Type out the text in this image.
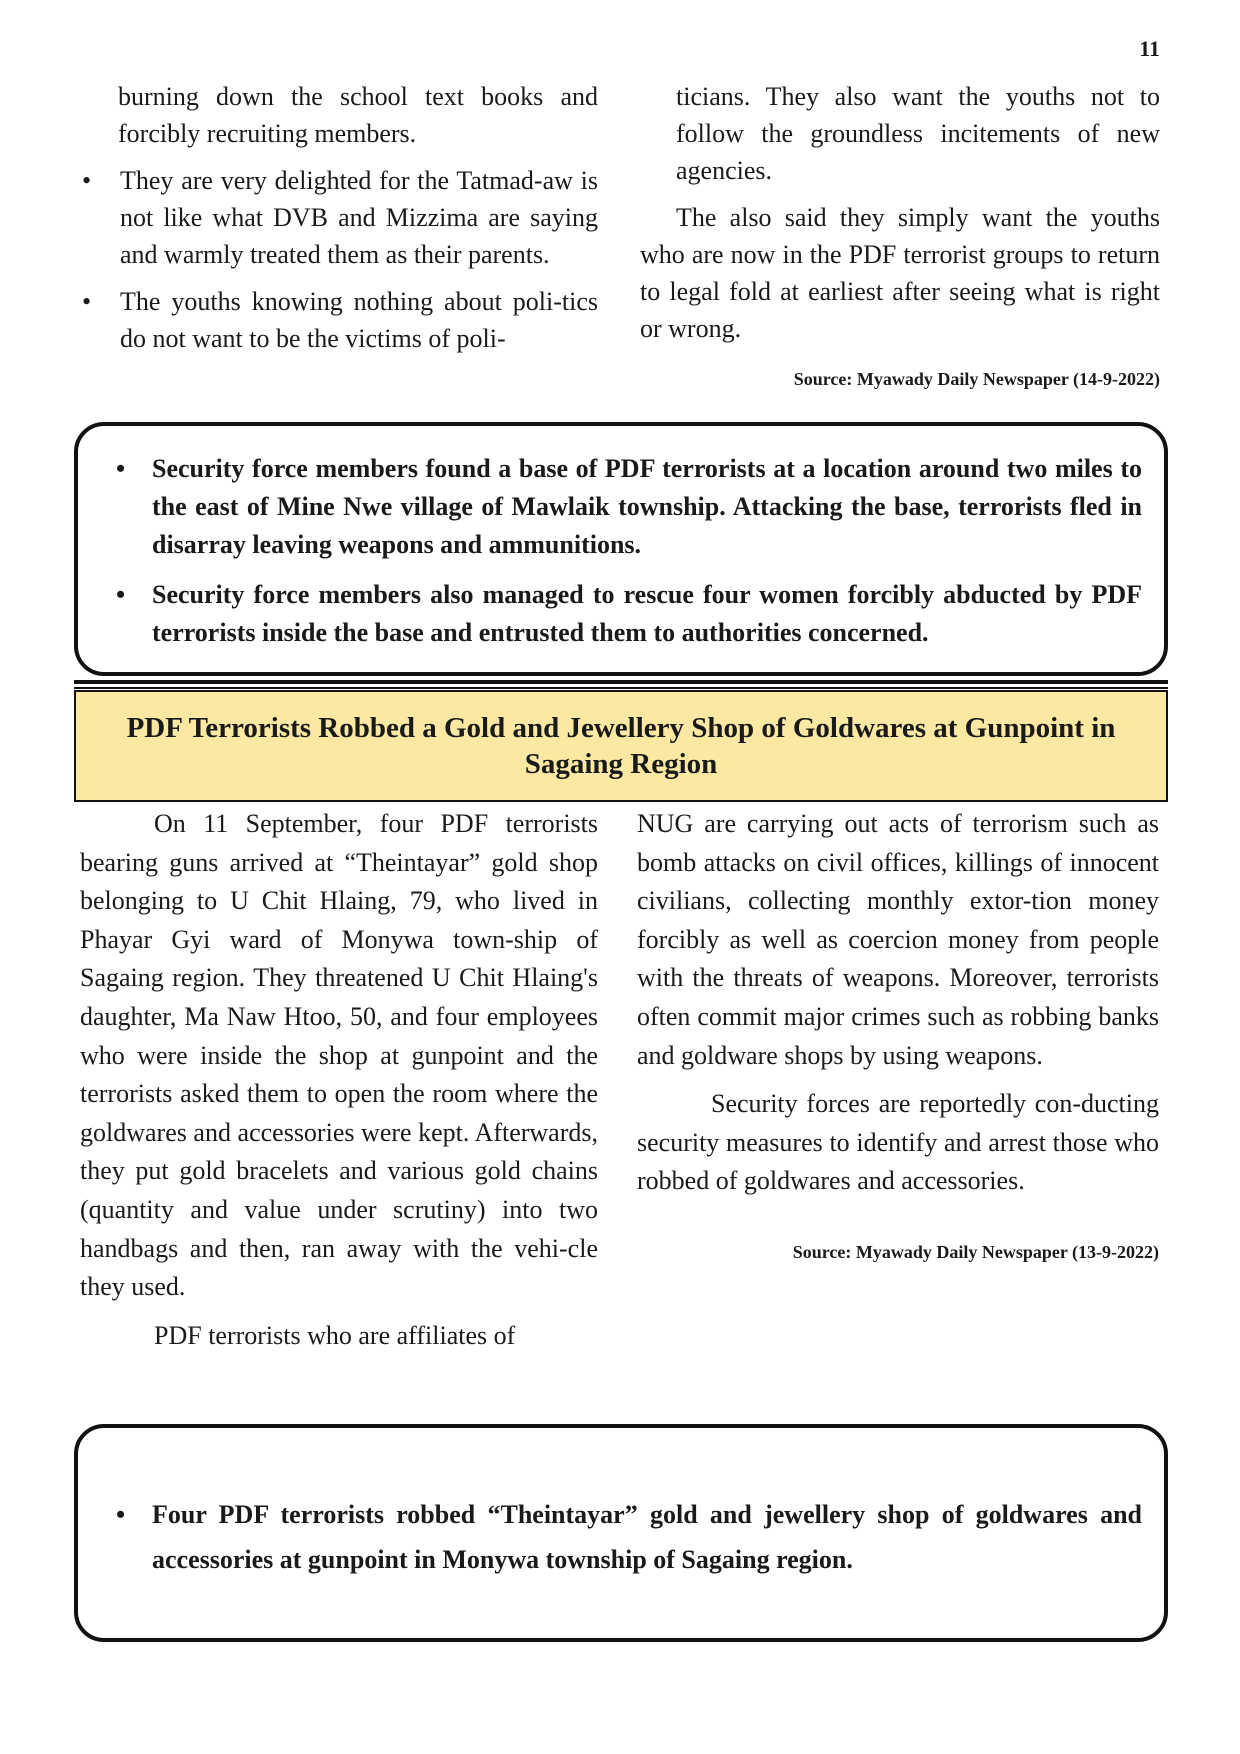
11

burning down the school text books and forcibly recruiting members.

• They are very delighted for the Tatmad-aw is not like what DVB and Mizzima are saying and warmly treated them as their parents.
• The youths knowing nothing about poli-tics do not want to be the victims of poli-

ticians. They also want the youths not to follow the groundless incitements of new agencies.

The also said they simply want the youths who are now in the PDF terrorist groups to return to legal fold at earliest after seeing what is right or wrong.

Source: Myawady Daily Newspaper (14-9-2022)

• Security force members found a base of PDF terrorists at a location around two miles to the east of Mine Nwe village of Mawlaik township. Attacking the base, terrorists fled in disarray leaving weapons and ammunitions.
• Security force members also managed to rescue four women forcibly abducted by PDF terrorists inside the base and entrusted them to authorities concerned.
PDF Terrorists Robbed a Gold and Jewellery Shop of Goldwares at Gunpoint in Sagaing Region

On 11 September, four PDF terrorists bearing guns arrived at “Theintayar” gold shop belonging to U Chit Hlaing, 79, who lived in Phayar Gyi ward of Monywa town-ship of Sagaing region. They threatened U Chit Hlaing's daughter, Ma Naw Htoo, 50, and four employees who were inside the shop at gunpoint and the terrorists asked them to open the room where the goldwares and accessories were kept. Afterwards, they put gold bracelets and various gold chains (quantity and value under scrutiny) into two handbags and then, ran away with the vehi-cle they used.

PDF terrorists who are affiliates of

NUG are carrying out acts of terrorism such as bomb attacks on civil offices, killings of innocent civilians, collecting monthly extor-tion money forcibly as well as coercion money from people with the threats of weapons. Moreover, terrorists often commit major crimes such as robbing banks and goldware shops by using weapons.

Security forces are reportedly con-ducting security measures to identify and arrest those who robbed of goldwares and accessories.

Source: Myawady Daily Newspaper (13-9-2022)

• Four PDF terrorists robbed “Theintayar” gold and jewellery shop of goldwares and accessories at gunpoint in Monywa township of Sagaing region.
